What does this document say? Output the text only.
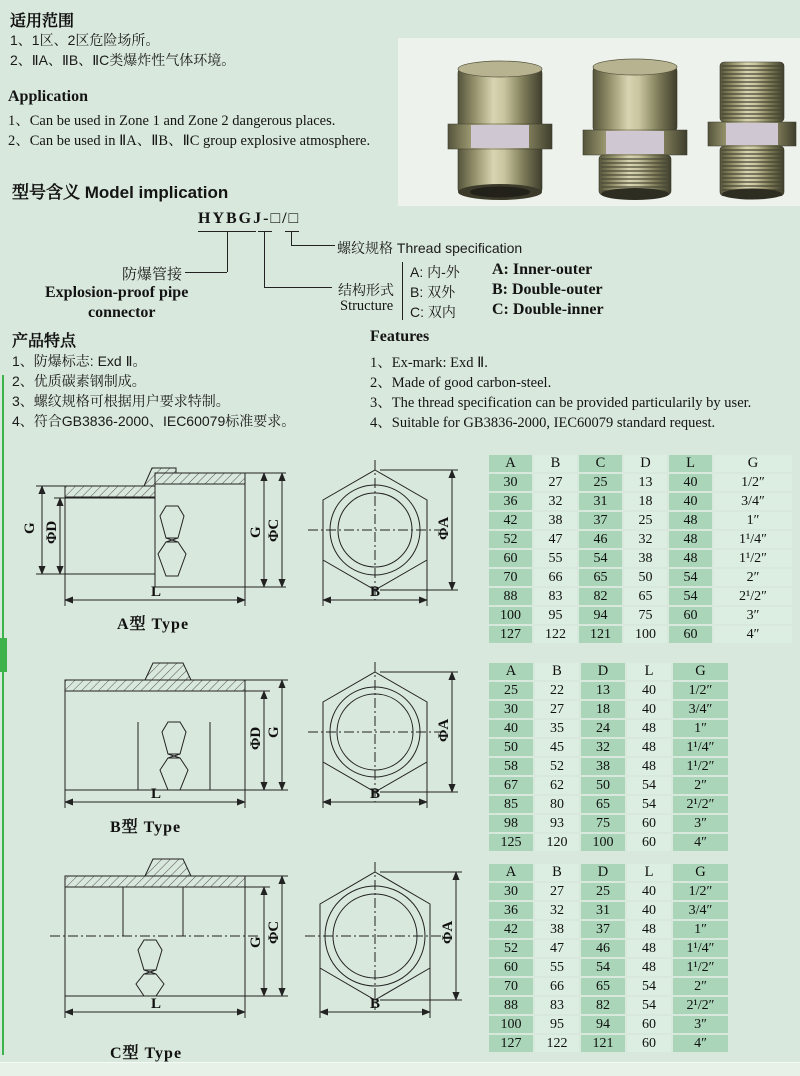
适用范围
1、1区、2区危险场所。
2、ⅡA、ⅡB、ⅡC类爆炸性气体环境。
Application
1、Can be used in Zone 1 and Zone 2 dangerous places.
2、Can be used in ⅡA、ⅡB、ⅡC group explosive atmosphere.
型号含义 Model implication
HYBGJ-□/□
防爆管接
Explosion-proof pipe
connector
螺纹规格 Thread specification
结构形式
Structure
A: 内-外 A: Inner-outer
B: 双外 B: Double-outer
C: 双内 C: Double-inner
产品特点
1、防爆标志: Exd Ⅱ。
2、优质碳素钢制成。
3、螺纹规格可根据用户要求特制。
4、符合GB3836-2000、IEC60079标准要求。
Features
1、Ex-mark: Exd Ⅱ.
2、Made of good carbon-steel.
3、The thread specification can be provided particularily by user.
4、Suitable for GB3836-2000, IEC60079 standard request.
G ΦD	G ΦC
L
ΦA
B
A型 Type
ΦD G
L
ΦA
B
B型 Type
G ΦC
L
ΦA
B
C型 Type
A	B	C	D	L	G
30	27	25	13	40	1/2″
36	32	31	18	40	3/4″
42	38	37	25	48	1″
52	47	46	32	48	1¹/4″
60	55	54	38	48	1¹/2″
70	66	65	50	54	2″
88	83	82	65	54	2¹/2″
100	95	94	75	60	3″
127	122	121	100	60	4″
A	B	D	L	G
25	22	13	40	1/2″
30	27	18	40	3/4″
40	35	24	48	1″
50	45	32	48	1¹/4″
58	52	38	48	1¹/2″
67	62	50	54	2″
85	80	65	54	2¹/2″
98	93	75	60	3″
125	120	100	60	4″
A	B	D	L	G
30	27	25	40	1/2″
36	32	31	40	3/4″
42	38	37	48	1″
52	47	46	48	1¹/4″
60	55	54	48	1¹/2″
70	66	65	54	2″
88	83	82	54	2¹/2″
100	95	94	60	3″
127	122	121	60	4″
